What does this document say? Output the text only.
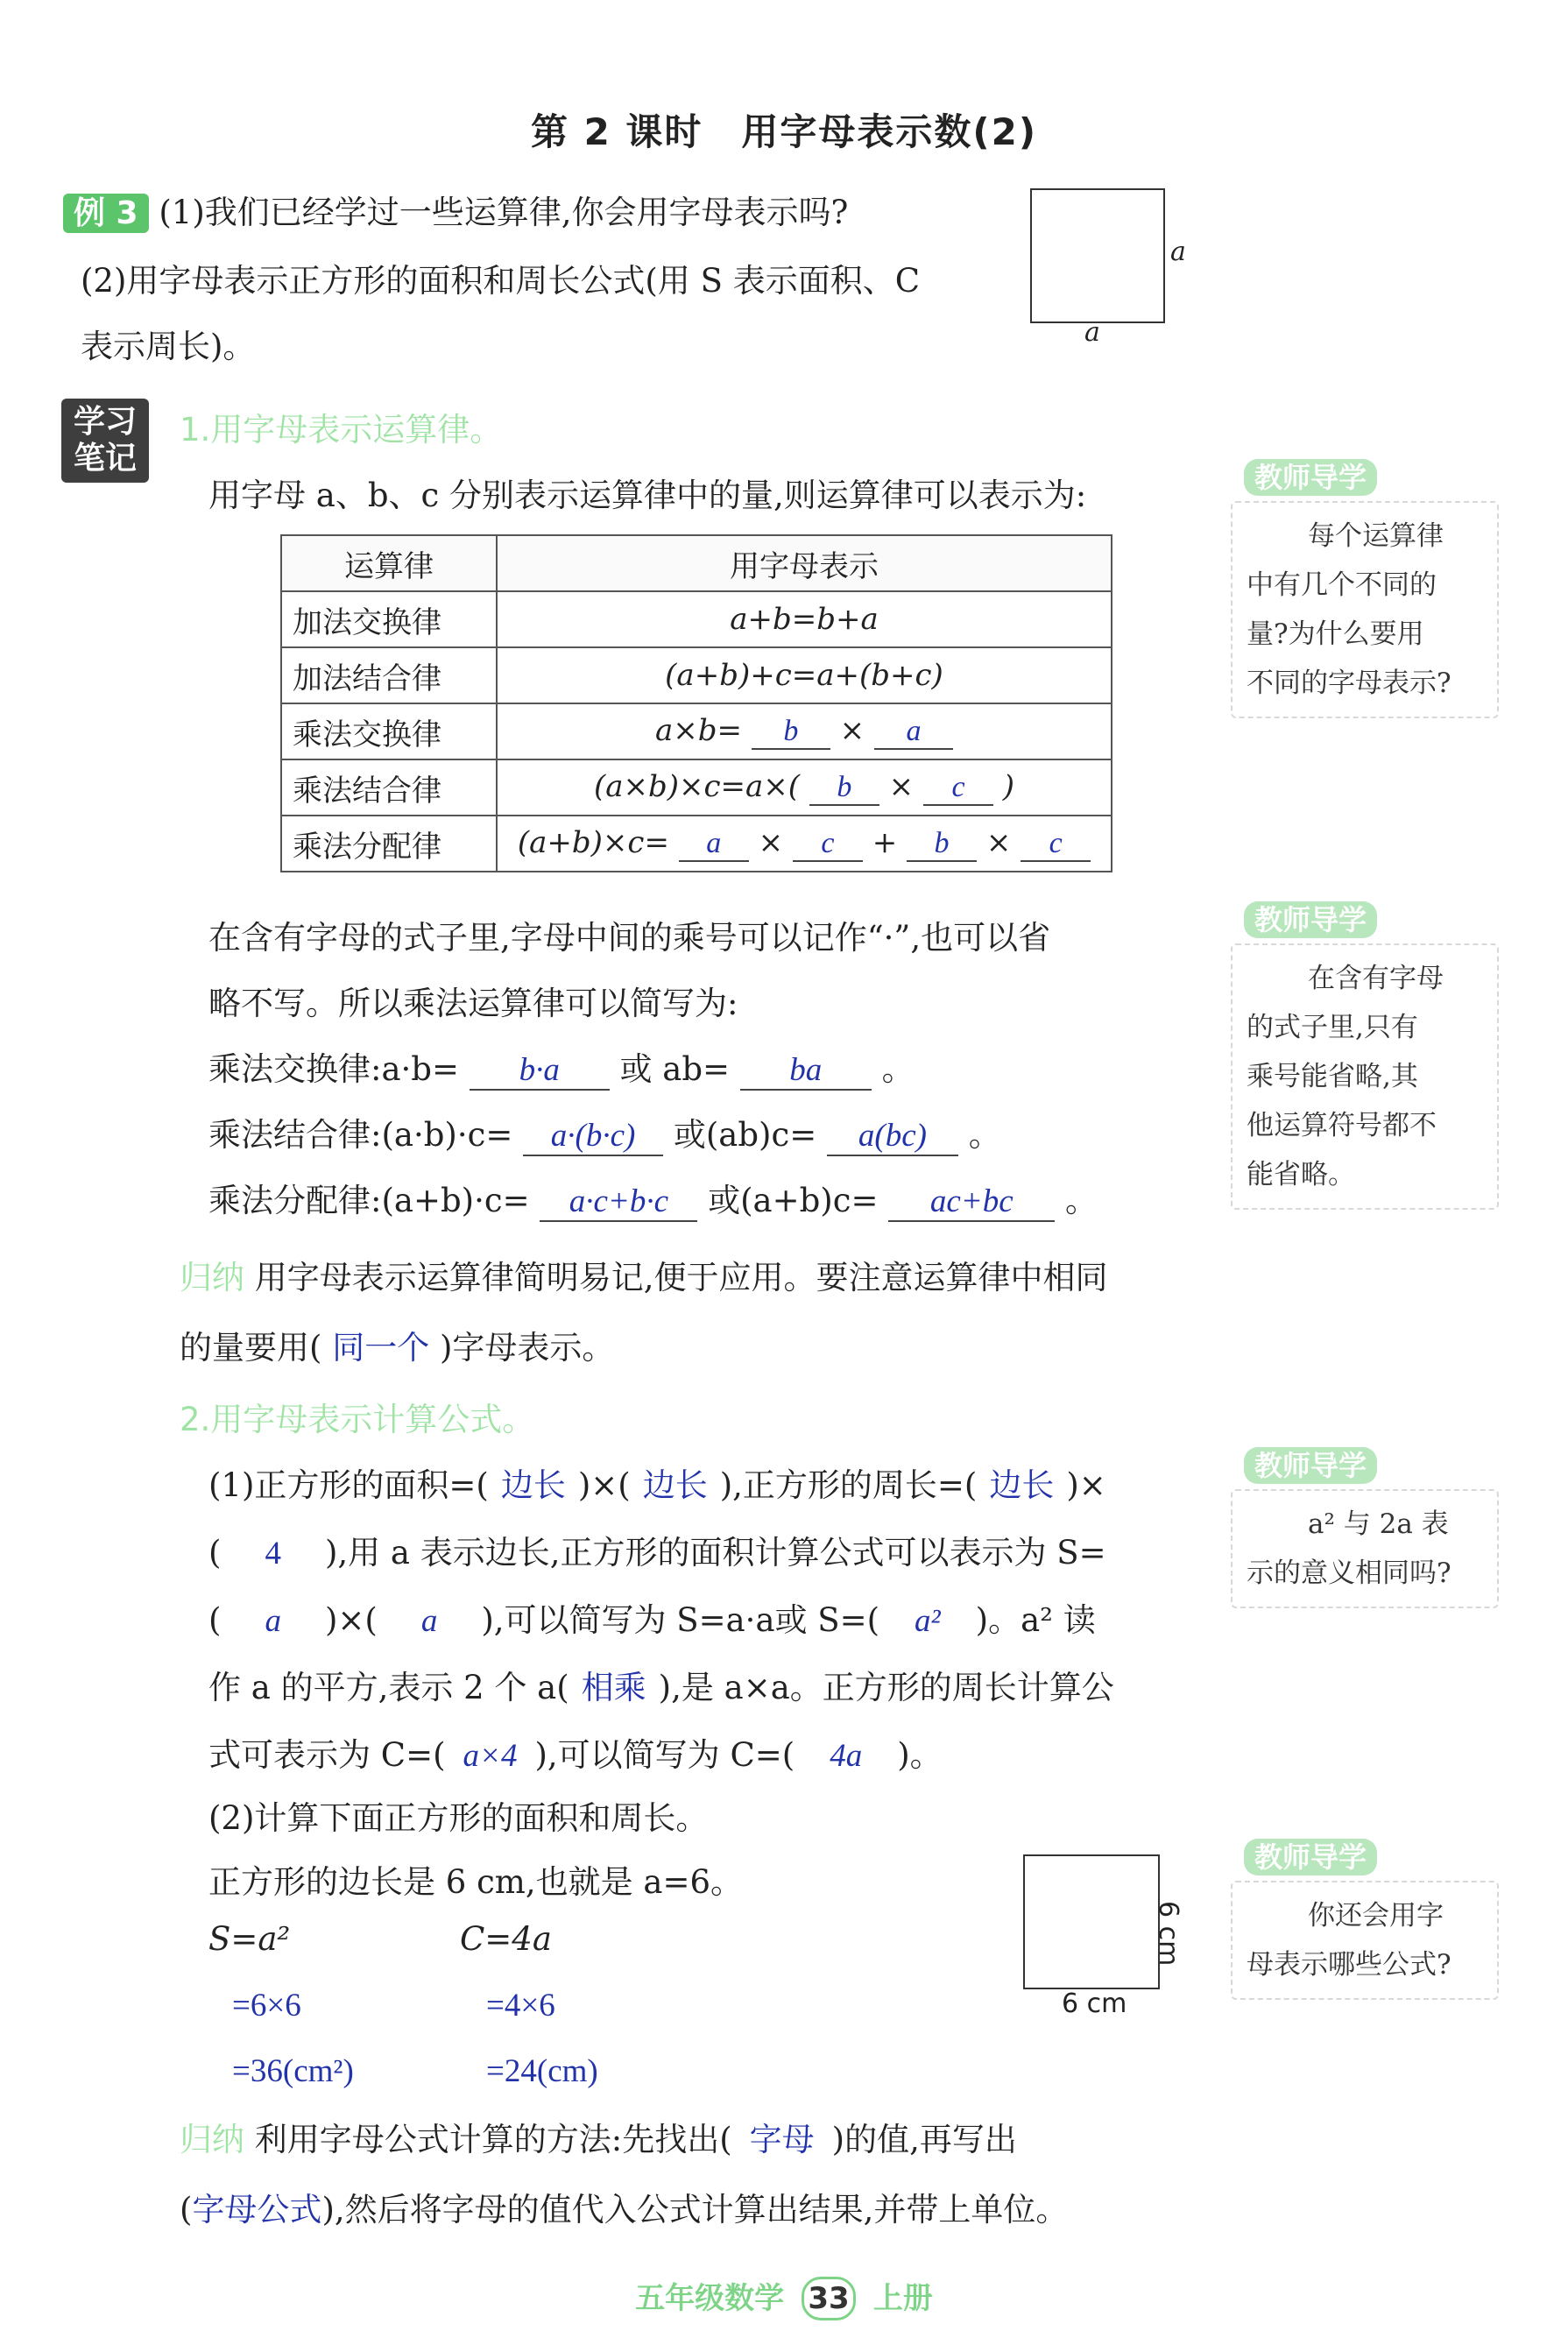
第 2 课时　用字母表示数(2)
例 3 (1)我们已经学过一些运算律,你会用字母表示吗?
(2)用字母表示正方形的面积和周长公式(用 S 表示面积、C
表示周长)。
a
a
学习笔记
1.用字母表示运算律。
用字母 a、b、c 分别表示运算律中的量,则运算律可以表示为:
运算律	用字母表示
加法交换律	a+b=b+a
加法结合律	(a+b)+c=a+(b+c)
乘法交换律	a×b= b × a
乘法结合律	(a×b)×c=a×( b × c )
乘法分配律	(a+b)×c= a × c + b × c
在含有字母的式子里,字母中间的乘号可以记作“·”,也可以省
略不写。所以乘法运算律可以简写为:
乘法交换律:a·b= b·a 或 ab= ba 。
乘法结合律:(a·b)·c= a·(b·c) 或(ab)c= a(bc) 。
乘法分配律:(a+b)·c= a·c+b·c 或(a+b)c= ac+bc 。
归纳 用字母表示运算律简明易记,便于应用。要注意运算律中相同
的量要用( 同一个 )字母表示。
2.用字母表示计算公式。
(1)正方形的面积=( 边长 )×( 边长 ),正方形的周长=( 边长 )×
( 4 ),用 a 表示边长,正方形的面积计算公式可以表示为 S=
( a )×( a ),可以简写为 S=a·a或 S=( a² )。a² 读
作 a 的平方,表示 2 个 a( 相乘 ),是 a×a。正方形的周长计算公
式可表示为 C=( a×4 ),可以简写为 C=( 4a )。
(2)计算下面正方形的面积和周长。
正方形的边长是 6 cm,也就是 a=6。
S=a²	C=4a
=6×6	=4×6
=36(cm²)	=24(cm)
6 cm
6 cm
归纳 利用字母公式计算的方法:先找出( 字母 )的值,再写出
(字母公式),然后将字母的值代入公式计算出结果,并带上单位。
教师导学
每个运算律
中有几个不同的
量?为什么要用
不同的字母表示?
教师导学
在含有字母
的式子里,只有
乘号能省略,其
他运算符号都不
能省略。
教师导学
a² 与 2a 表
示的意义相同吗?
教师导学
你还会用字
母表示哪些公式?
五年级数学 33 上册
